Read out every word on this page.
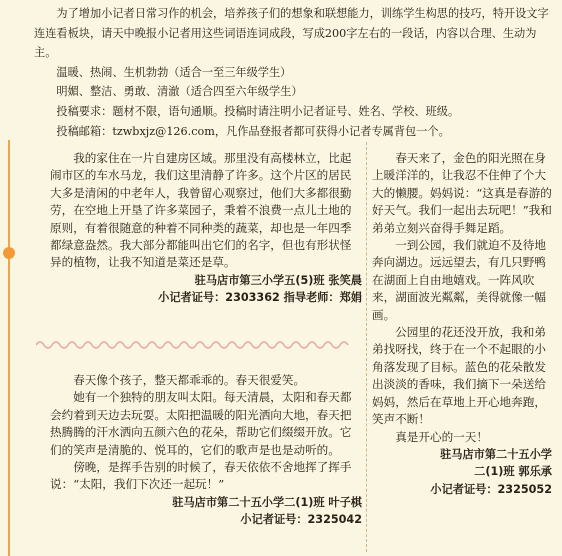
为了增加小记者日常习作的机会，培养孩子们的想象和联想能力，训练学生构思的技巧，特开设文字连连看板块，请天中晚报小记者用这些词语连词成段，写成200字左右的一段话，内容以合理、生动为主。

温暖、热闹、生机勃勃（适合一至三年级学生）

明媚、整洁、勇敢、清澈（适合四至六年级学生）

投稿要求：题材不限，语句通顺。投稿时请注明小记者证号、姓名、学校、班级。

投稿邮箱：tzwbxjz@126.com，凡作品登报者都可获得小记者专属背包一个。

我的家住在一片自建房区域。那里没有高楼林立，比起闹市区的车水马龙，我们这里清静了许多。这个片区的居民大多是清闲的中老年人，我曾留心观察过，他们大多都很勤劳，在空地上开垦了许多菜园子，秉着不浪费一点儿土地的原则，有着很随意的种着不同种类的蔬菜，却也是一年四季都绿意盎然。我大部分都能叫出它们的名字，但也有形状怪异的植物，让我不知道是菜还是草。

驻马店市第三小学五(5)班 张笑晨
小记者证号：2303362 指导老师：郑娟

春天像个孩子，整天都乖乖的。春天很爱笑。

她有一个独特的朋友叫太阳。每天清晨，太阳和春天都会约着到天边去玩耍。太阳把温暖的阳光洒向大地，春天把热腾腾的汗水洒向五颜六色的花朵，帮助它们缀缀开放。它们的笑声是清脆的、悦耳的，它们的歌声是也是动听的。

傍晚，是挥手告别的时候了，春天依依不舍地挥了挥手说：“太阳，我们下次还一起玩！”

驻马店市第二十五小学二(1)班 叶子棋
小记者证号：2325042

春天来了，金色的阳光照在身上暖洋洋的，让我忍不住伸了个大大的懒腰。妈妈说：“这真是春游的好天气。我们一起出去玩吧！”我和弟弟立刻兴奋得手舞足蹈。

一到公园，我们就迫不及待地奔向湖边。远远望去，有几只野鸭在湖面上自由地嬉戏。一阵风吹来，湖面波光粼粼，美得就像一幅画。

公园里的花还没开放，我和弟弟找呀找，终于在一个不起眼的小角落发现了目标。蓝色的花朵散发出淡淡的香味，我们摘下一朵送给妈妈，然后在草地上开心地奔跑，笑声不断！

真是开心的一天！

驻马店市第二十五小学
二(1)班 郭乐承
小记者证号：2325052
